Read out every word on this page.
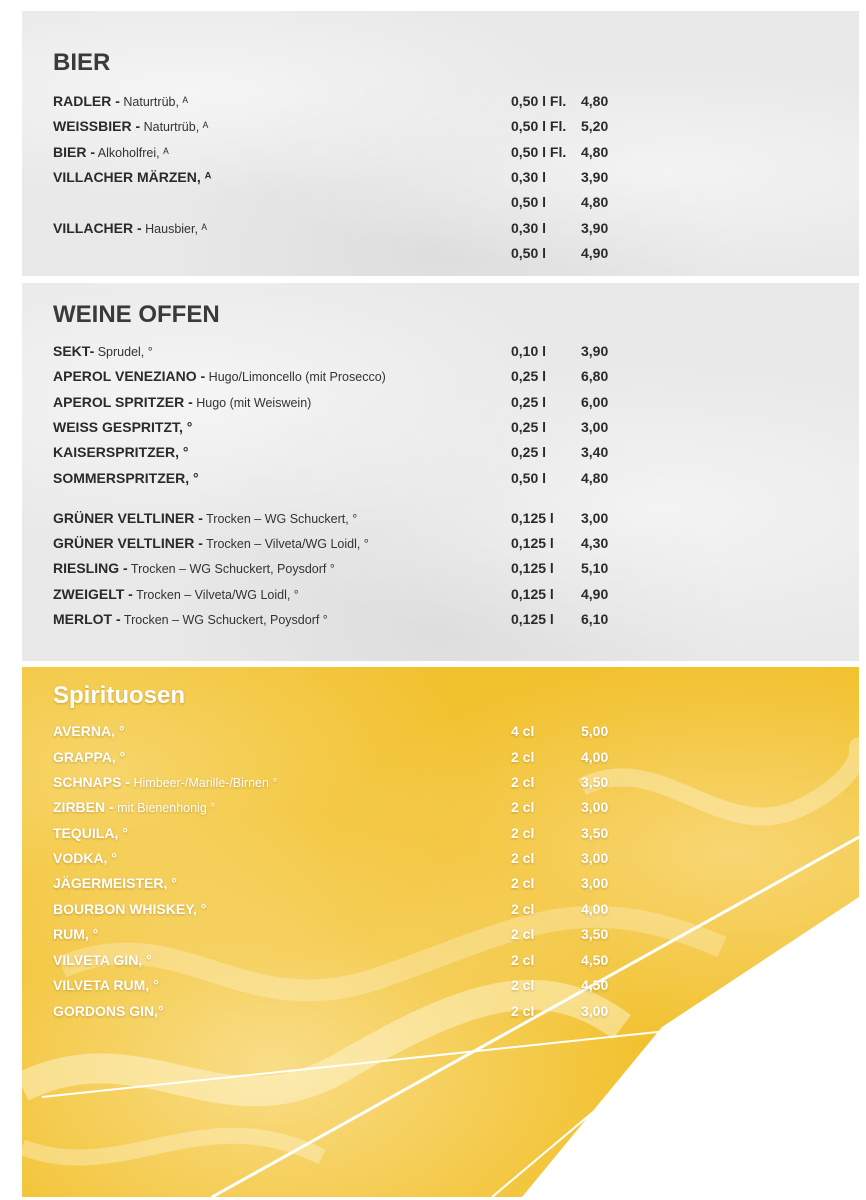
BIER
RADLER - Naturtrüb, ᴬ	0,50 l Fl. 4,80
WEISSBIER - Naturtrüb, ᴬ	0,50 l Fl. 5,20
BIER - Alkoholfrei, ᴬ	0,50 l Fl. 4,80
VILLACHER MÄRZEN, ᴬ	0,30 l 3,90
0,50 l 4,80
VILLACHER - Hausbier, ᴬ	0,30 l 3,90
0,50 l 4,90
WEINE OFFEN
SEKT- Sprudel, °	0,10 l 3,90
APEROL VENEZIANO - Hugo/Limoncello (mit Prosecco)	0,25 l 6,80
APEROL SPRITZER - Hugo (mit Weiswein)	0,25 l 6,00
WEISS GESPRITZT, °	0,25 l 3,00
KAISERSPRITZER, °	0,25 l 3,40
SOMMERSPRITZER, °	0,50 l 4,80
GRÜNER VELTLINER - Trocken – WG Schuckert, °	0,125 l 3,00
GRÜNER VELTLINER - Trocken – Vilveta/WG Loidl, °	0,125 l 4,30
RIESLING - Trocken – WG Schuckert, Poysdorf °	0,125 l 5,10
ZWEIGELT - Trocken – Vilveta/WG Loidl, °	0,125 l 4,90
MERLOT - Trocken – WG Schuckert, Poysdorf °	0,125 l 6,10
Spirituosen
AVERNA, °	4 cl	5,00
GRAPPA, °	2 cl	4,00
SCHNAPS - Himbeer-/Marille-/Birnen °	2 cl	3,50
ZIRBEN - mit Bienenhonig °	2 cl	3,00
TEQUILA, °	2 cl	3,50
VODKA, °	2 cl	3,00
JÄGERMEISTER, °	2 cl	3,00
BOURBON WHISKEY, °	2 cl	4,00
RUM, °	2 cl	3,50
VILVETA GIN, °	2 cl	4,50
VILVETA RUM, °	2 cl	4,50
GORDONS GIN,°	2 cl	3,00
